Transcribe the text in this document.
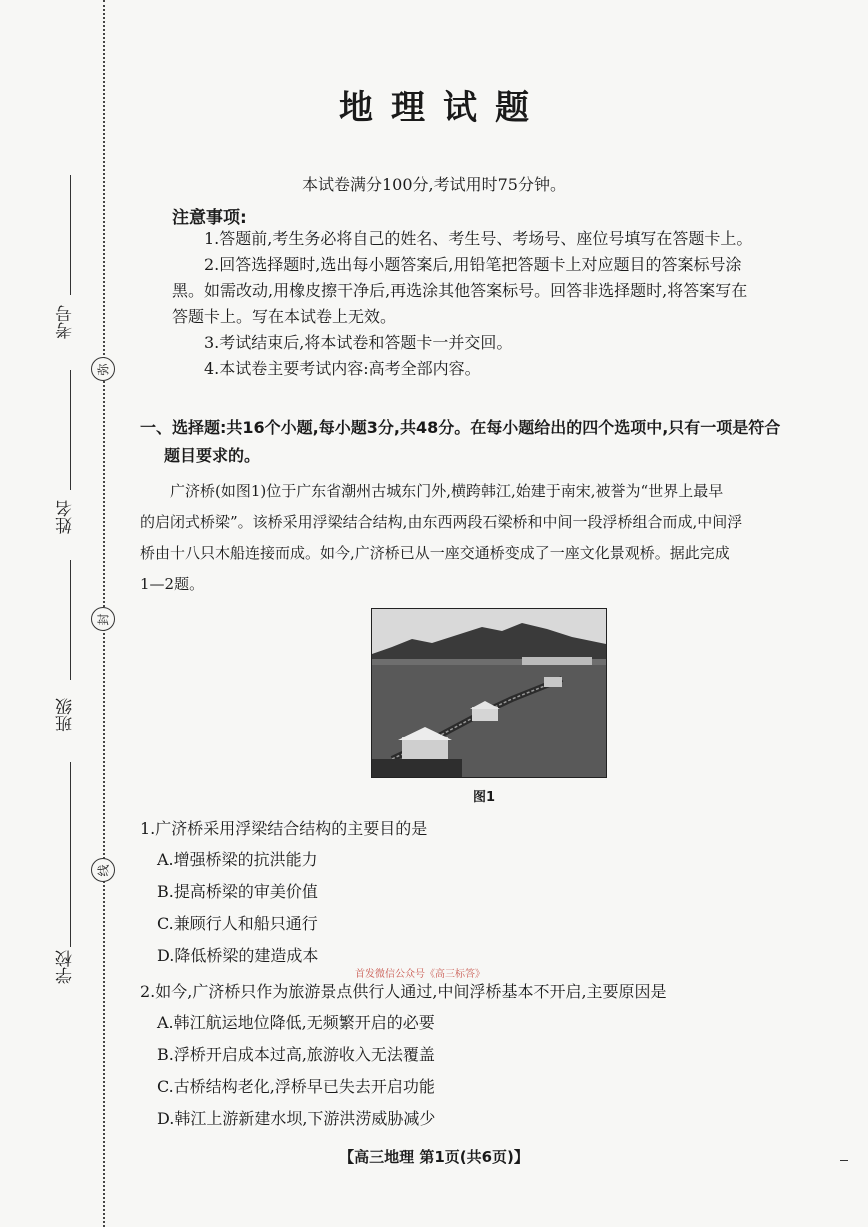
考号
弥
姓名
封
班级
线
学校
地理试题
本试卷满分100分,考试用时75分钟。
注意事项:
1.答题前,考生务必将自己的姓名、考生号、考场号、座位号填写在答题卡上。
2.回答选择题时,选出每小题答案后,用铅笔把答题卡上对应题目的答案标号涂
黑。如需改动,用橡皮擦干净后,再选涂其他答案标号。回答非选择题时,将答案写在
答题卡上。写在本试卷上无效。
3.考试结束后,将本试卷和答题卡一并交回。
4.本试卷主要考试内容:高考全部内容。
一、选择题:共16个小题,每小题3分,共48分。在每小题给出的四个选项中,只有一项是符合
题目要求的。
广济桥(如图1)位于广东省潮州古城东门外,横跨韩江,始建于南宋,被誉为“世界上最早
的启闭式桥梁”。该桥采用浮梁结合结构,由东西两段石梁桥和中间一段浮桥组合而成,中间浮
桥由十八只木船连接而成。如今,广济桥已从一座交通桥变成了一座文化景观桥。据此完成
1—2题。
图1
1.广济桥采用浮梁结合结构的主要目的是
A.增强桥梁的抗洪能力
B.提高桥梁的审美价值
C.兼顾行人和船只通行
D.降低桥梁的建造成本
首发微信公众号《高三标答》
2.如今,广济桥只作为旅游景点供行人通过,中间浮桥基本不开启,主要原因是
A.韩江航运地位降低,无频繁开启的必要
B.浮桥开启成本过高,旅游收入无法覆盖
C.古桥结构老化,浮桥早已失去开启功能
D.韩江上游新建水坝,下游洪涝威胁减少
【高三地理 第1页(共6页)】
